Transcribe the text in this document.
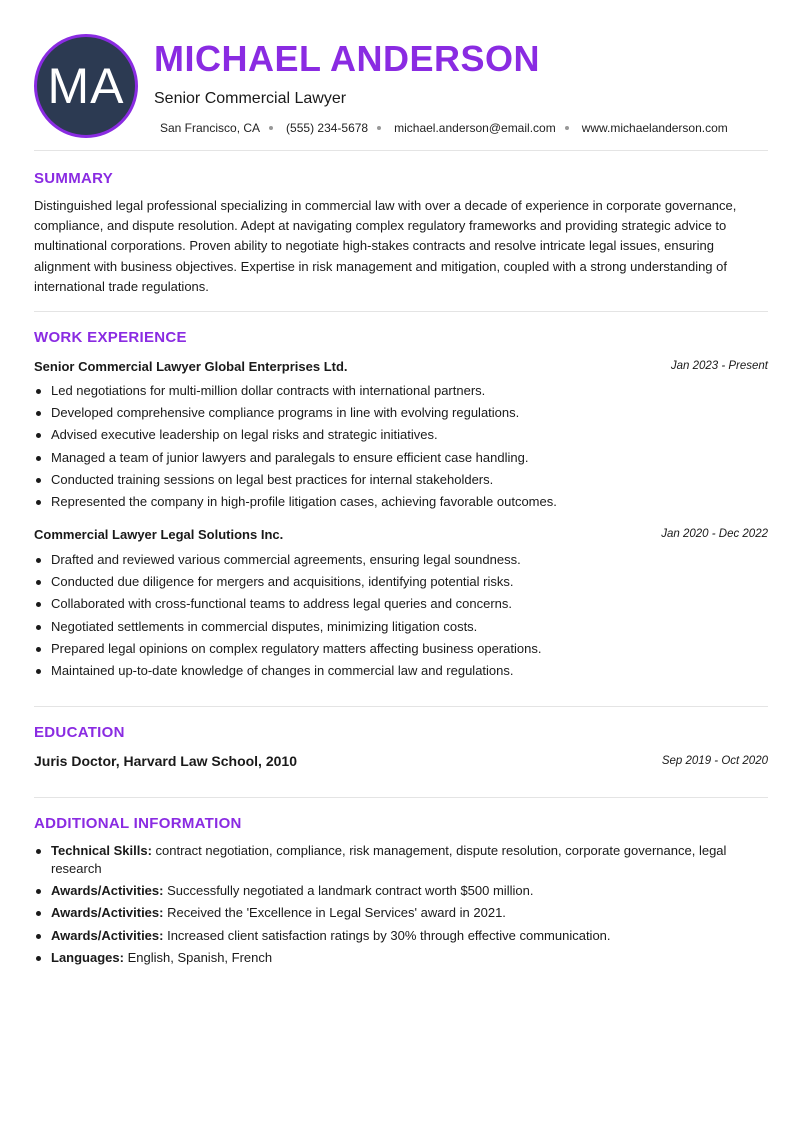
MA MICHAEL ANDERSON
Senior Commercial Lawyer
San Francisco, CA (555) 234-5678 michael.anderson@email.com www.michaelanderson.com
SUMMARY

Distinguished legal professional specializing in commercial law with over a decade of experience in corporate governance, compliance, and dispute resolution. Adept at navigating complex regulatory frameworks and providing strategic advice to multinational corporations. Proven ability to negotiate high-stakes contracts and resolve intricate legal issues, ensuring alignment with business objectives. Expertise in risk management and mitigation, coupled with a strong understanding of international trade regulations.

WORK EXPERIENCE
Senior Commercial Lawyer Global Enterprises Ltd.	Jan 2023 - Present
Led negotiations for multi-million dollar contracts with international partners.
Developed comprehensive compliance programs in line with evolving regulations.
Advised executive leadership on legal risks and strategic initiatives.
Managed a team of junior lawyers and paralegals to ensure efficient case handling.
Conducted training sessions on legal best practices for internal stakeholders.
Represented the company in high-profile litigation cases, achieving favorable outcomes.
Commercial Lawyer Legal Solutions Inc.	Jan 2020 - Dec 2022
Drafted and reviewed various commercial agreements, ensuring legal soundness.
Conducted due diligence for mergers and acquisitions, identifying potential risks.
Collaborated with cross-functional teams to address legal queries and concerns.
Negotiated settlements in commercial disputes, minimizing litigation costs.
Prepared legal opinions on complex regulatory matters affecting business operations.
Maintained up-to-date knowledge of changes in commercial law and regulations.
EDUCATION
Juris Doctor, Harvard Law School, 2010	Sep 2019 - Oct 2020
ADDITIONAL INFORMATION
Technical Skills: contract negotiation, compliance, risk management, dispute resolution, corporate governance, legal research
Awards/Activities: Successfully negotiated a landmark contract worth $500 million.
Awards/Activities: Received the 'Excellence in Legal Services' award in 2021.
Awards/Activities: Increased client satisfaction ratings by 30% through effective communication.
Languages: English, Spanish, French
